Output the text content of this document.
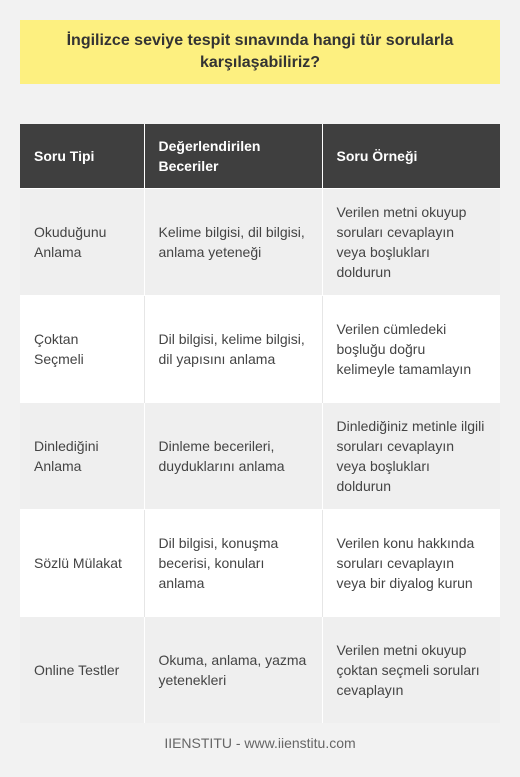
İngilizce seviye tespit sınavında hangi tür sorularla karşılaşabiliriz?
Soru Tipi	Değerlendirilen Beceriler	Soru Örneği
Okuduğunu Anlama	Kelime bilgisi, dil bilgisi, anlama yeteneği	Verilen metni okuyup soruları cevaplayın veya boşlukları doldurun
Çoktan Seçmeli	Dil bilgisi, kelime bilgisi, dil yapısını anlama	Verilen cümledeki boşluğu doğru kelimeyle tamamlayın
Dinlediğini Anlama	Dinleme becerileri, duyduklarını anlama	Dinlediğiniz metinle ilgili soruları cevaplayın veya boşlukları doldurun
Sözlü Mülakat	Dil bilgisi, konuşma becerisi, konuları anlama	Verilen konu hakkında soruları cevaplayın veya bir diyalog kurun
Online Testler	Okuma, anlama, yazma yetenekleri	Verilen metni okuyup çoktan seçmeli soruları cevaplayın
IIENSTITU - www.iienstitu.com
